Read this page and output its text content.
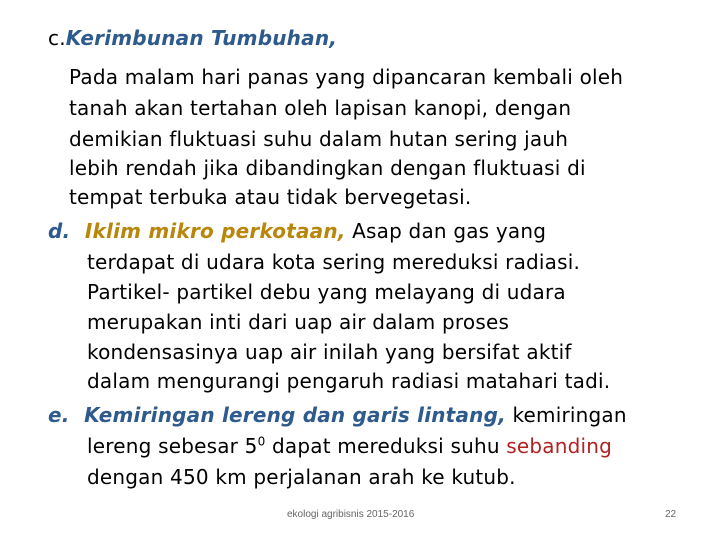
c.Kerimbunan Tumbuhan,
Pada malam hari panas yang dipancaran kembali oleh
tanah akan tertahan oleh lapisan kanopi, dengan
demikian fluktuasi suhu dalam hutan sering jauh
lebih rendah jika dibandingkan dengan fluktuasi di
tempat terbuka atau tidak bervegetasi.
d. Iklim mikro perkotaan, Asap dan gas yang
terdapat di udara kota sering mereduksi radiasi.
Partikel- partikel debu yang melayang di udara
merupakan inti dari uap air dalam proses
kondensasinya uap air inilah yang bersifat aktif
dalam mengurangi pengaruh radiasi matahari tadi.
e. Kemiringan lereng dan garis lintang, kemiringan
lereng sebesar $5^0$ dapat mereduksi suhu sebanding
dengan 450 km perjalanan arah ke kutub.
ekologi agribisnis 2015-2016	22
